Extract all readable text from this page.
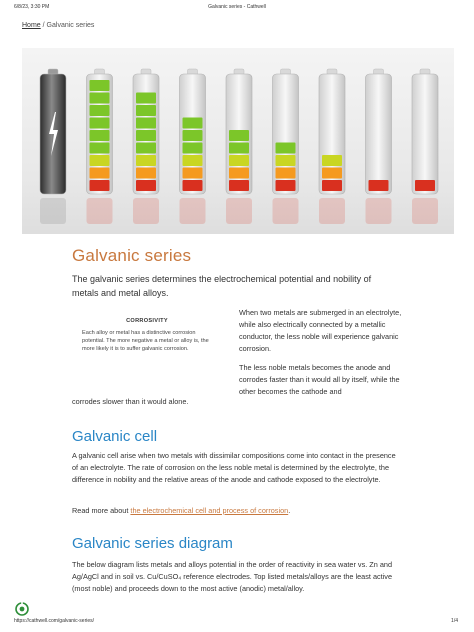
6/8/23, 3:30 PM	Galvanic series - Cathwell
Home / Galvanic series
Galvanic series

The galvanic series determines the electrochemical potential and nobility of metals and metal alloys.

CORROSIVITY

Each alloy or metal has a distinctive corrosion potential. The more negative a metal or alloy is, the more likely it is to suffer galvanic corrosion.

When two metals are submerged in an electrolyte, while also electrically connected by a metallic conductor, the less noble will experience galvanic corrosion.

The less noble metals becomes the anode and corrodes faster than it would all by itself, while the other becomes the cathode and

corrodes slower than it would alone.

Galvanic cell

A galvanic cell arise when two metals with dissimilar compositions come into contact in the presence of an electrolyte. The rate of corrosion on the less noble metal is determined by the electrolyte, the difference in nobility and the relative areas of the anode and cathode exposed to the electrolyte.

Read more about the electrochemical cell and process of corrosion.

Galvanic series diagram

The below diagram lists metals and alloys potential in the order of reactivity in sea water vs. Zn and Ag/AgCl and in soil vs. Cu/CuSO₄ reference electrodes. Top listed metals/alloys are the least active (most noble) and proceeds down to the most active (anodic) metal/alloy.

https://cathwell.com/galvanic-series/	1/4
